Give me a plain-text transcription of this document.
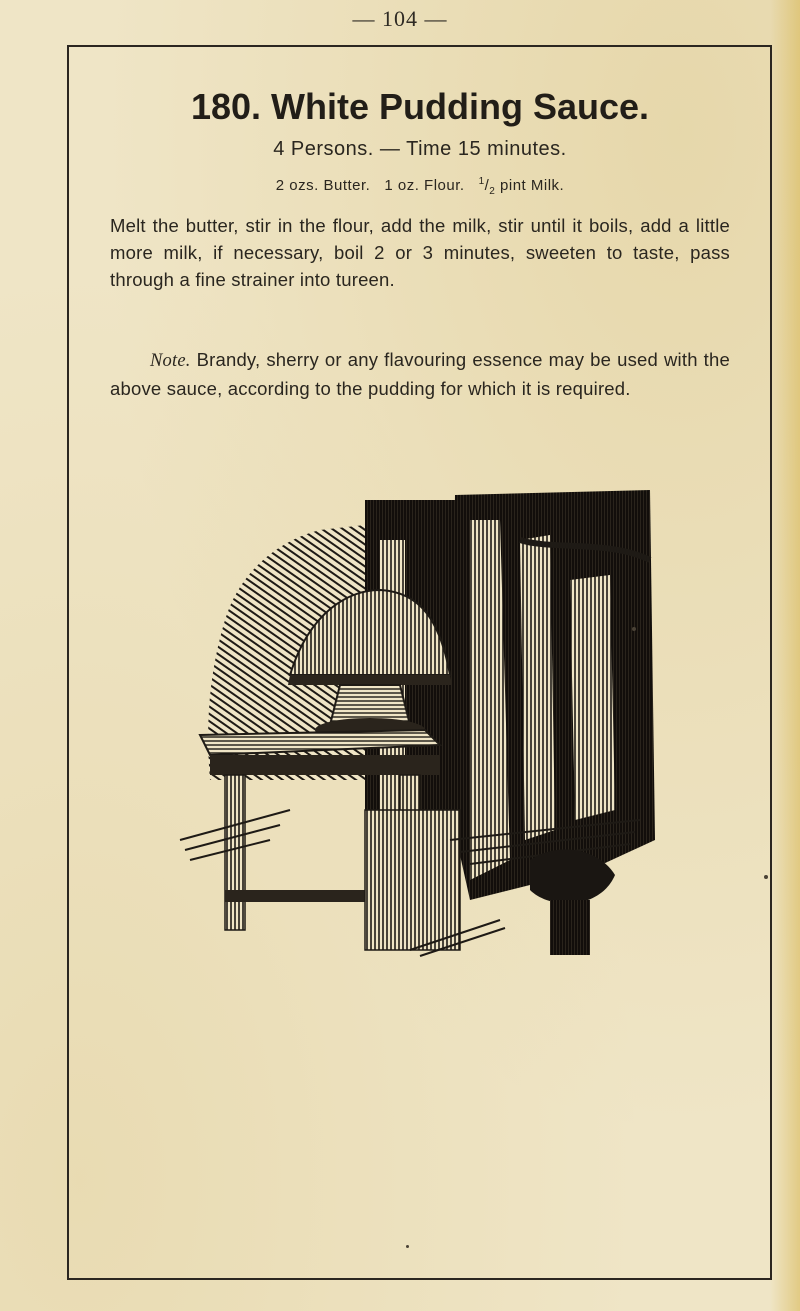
— 104 —
180. White Pudding Sauce.
4 Persons. — Time 15 minutes.
2 ozs. Butter. 1 oz. Flour. $^1/_2$ pint Milk.
Melt the butter, stir in the flour, add the milk, stir until it boils, add a little more milk, if necessary, boil 2 or 3 minutes, sweeten to taste, pass through a fine strainer into tureen.
Note. Brandy, sherry or any flavouring essence may be used with the above sauce, according to the pudding for which it is required.
